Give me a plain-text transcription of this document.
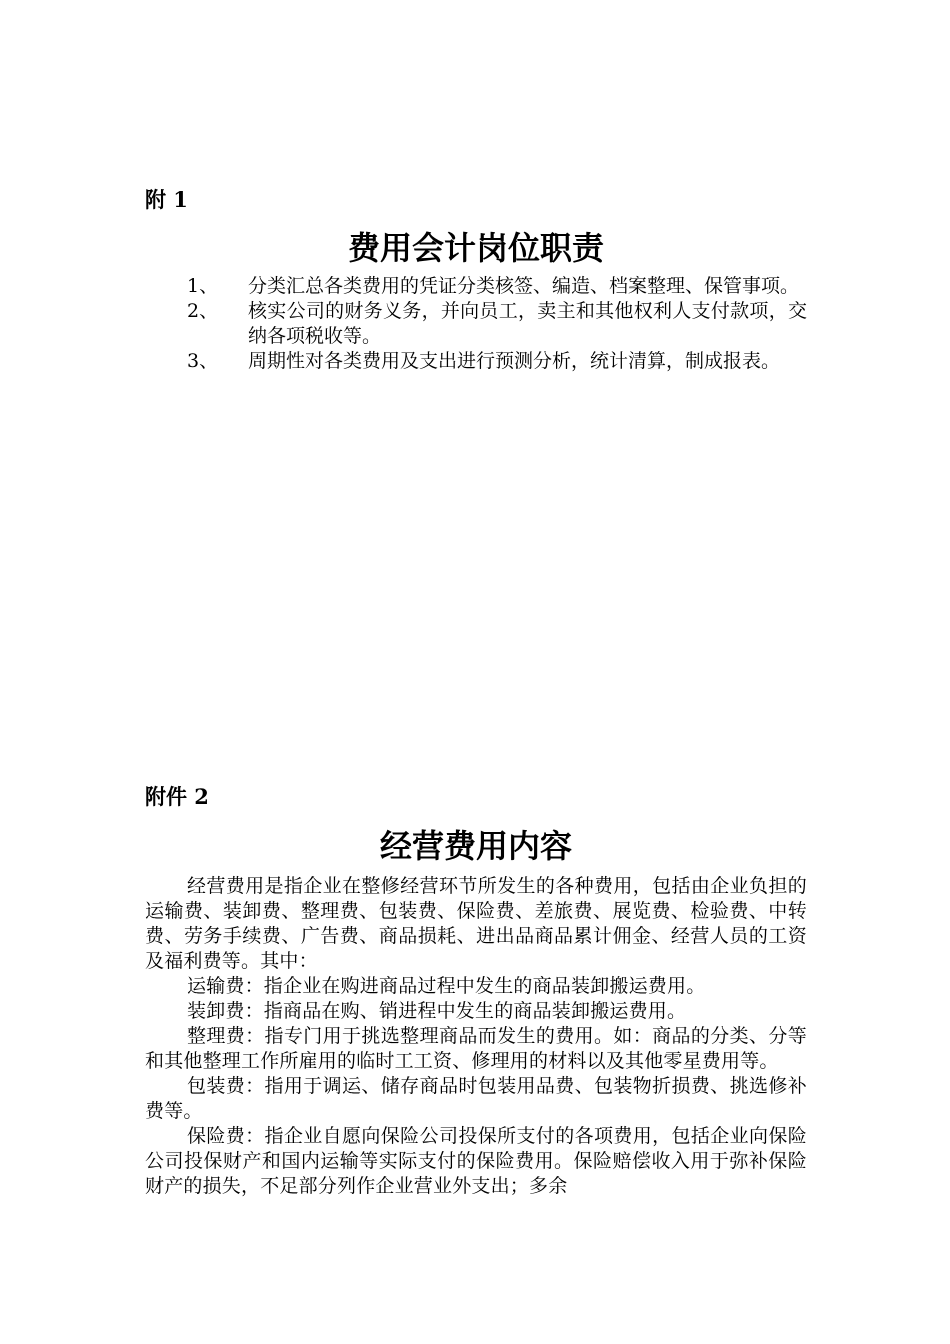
附 1
费用会计岗位职责
1、	分类汇总各类费用的凭证分类核签、编造、档案整理、保管事项。
2、	核实公司的财务义务，并向员工，卖主和其他权利人支付款项，交纳各项税收等。
3、	周期性对各类费用及支出进行预测分析，统计清算，制成报表。
附件 2
经营费用内容

经营费用是指企业在整修经营环节所发生的各种费用，包括由企业负担的运输费、装卸费、整理费、包装费、保险费、差旅费、展览费、检验费、中转费、劳务手续费、广告费、商品损耗、进出品商品累计佣金、经营人员的工资及福利费等。其中：

运输费：指企业在购进商品过程中发生的商品装卸搬运费用。

装卸费：指商品在购、销进程中发生的商品装卸搬运费用。

整理费：指专门用于挑选整理商品而发生的费用。如：商品的分类、分等和其他整理工作所雇用的临时工工资、修理用的材料以及其他零星费用等。

包装费：指用于调运、储存商品时包装用品费、包装物折损费、挑选修补费等。

保险费：指企业自愿向保险公司投保所支付的各项费用，包括企业向保险公司投保财产和国内运输等实际支付的保险费用。保险赔偿收入用于弥补保险财产的损失，不足部分列作企业营业外支出；多余
